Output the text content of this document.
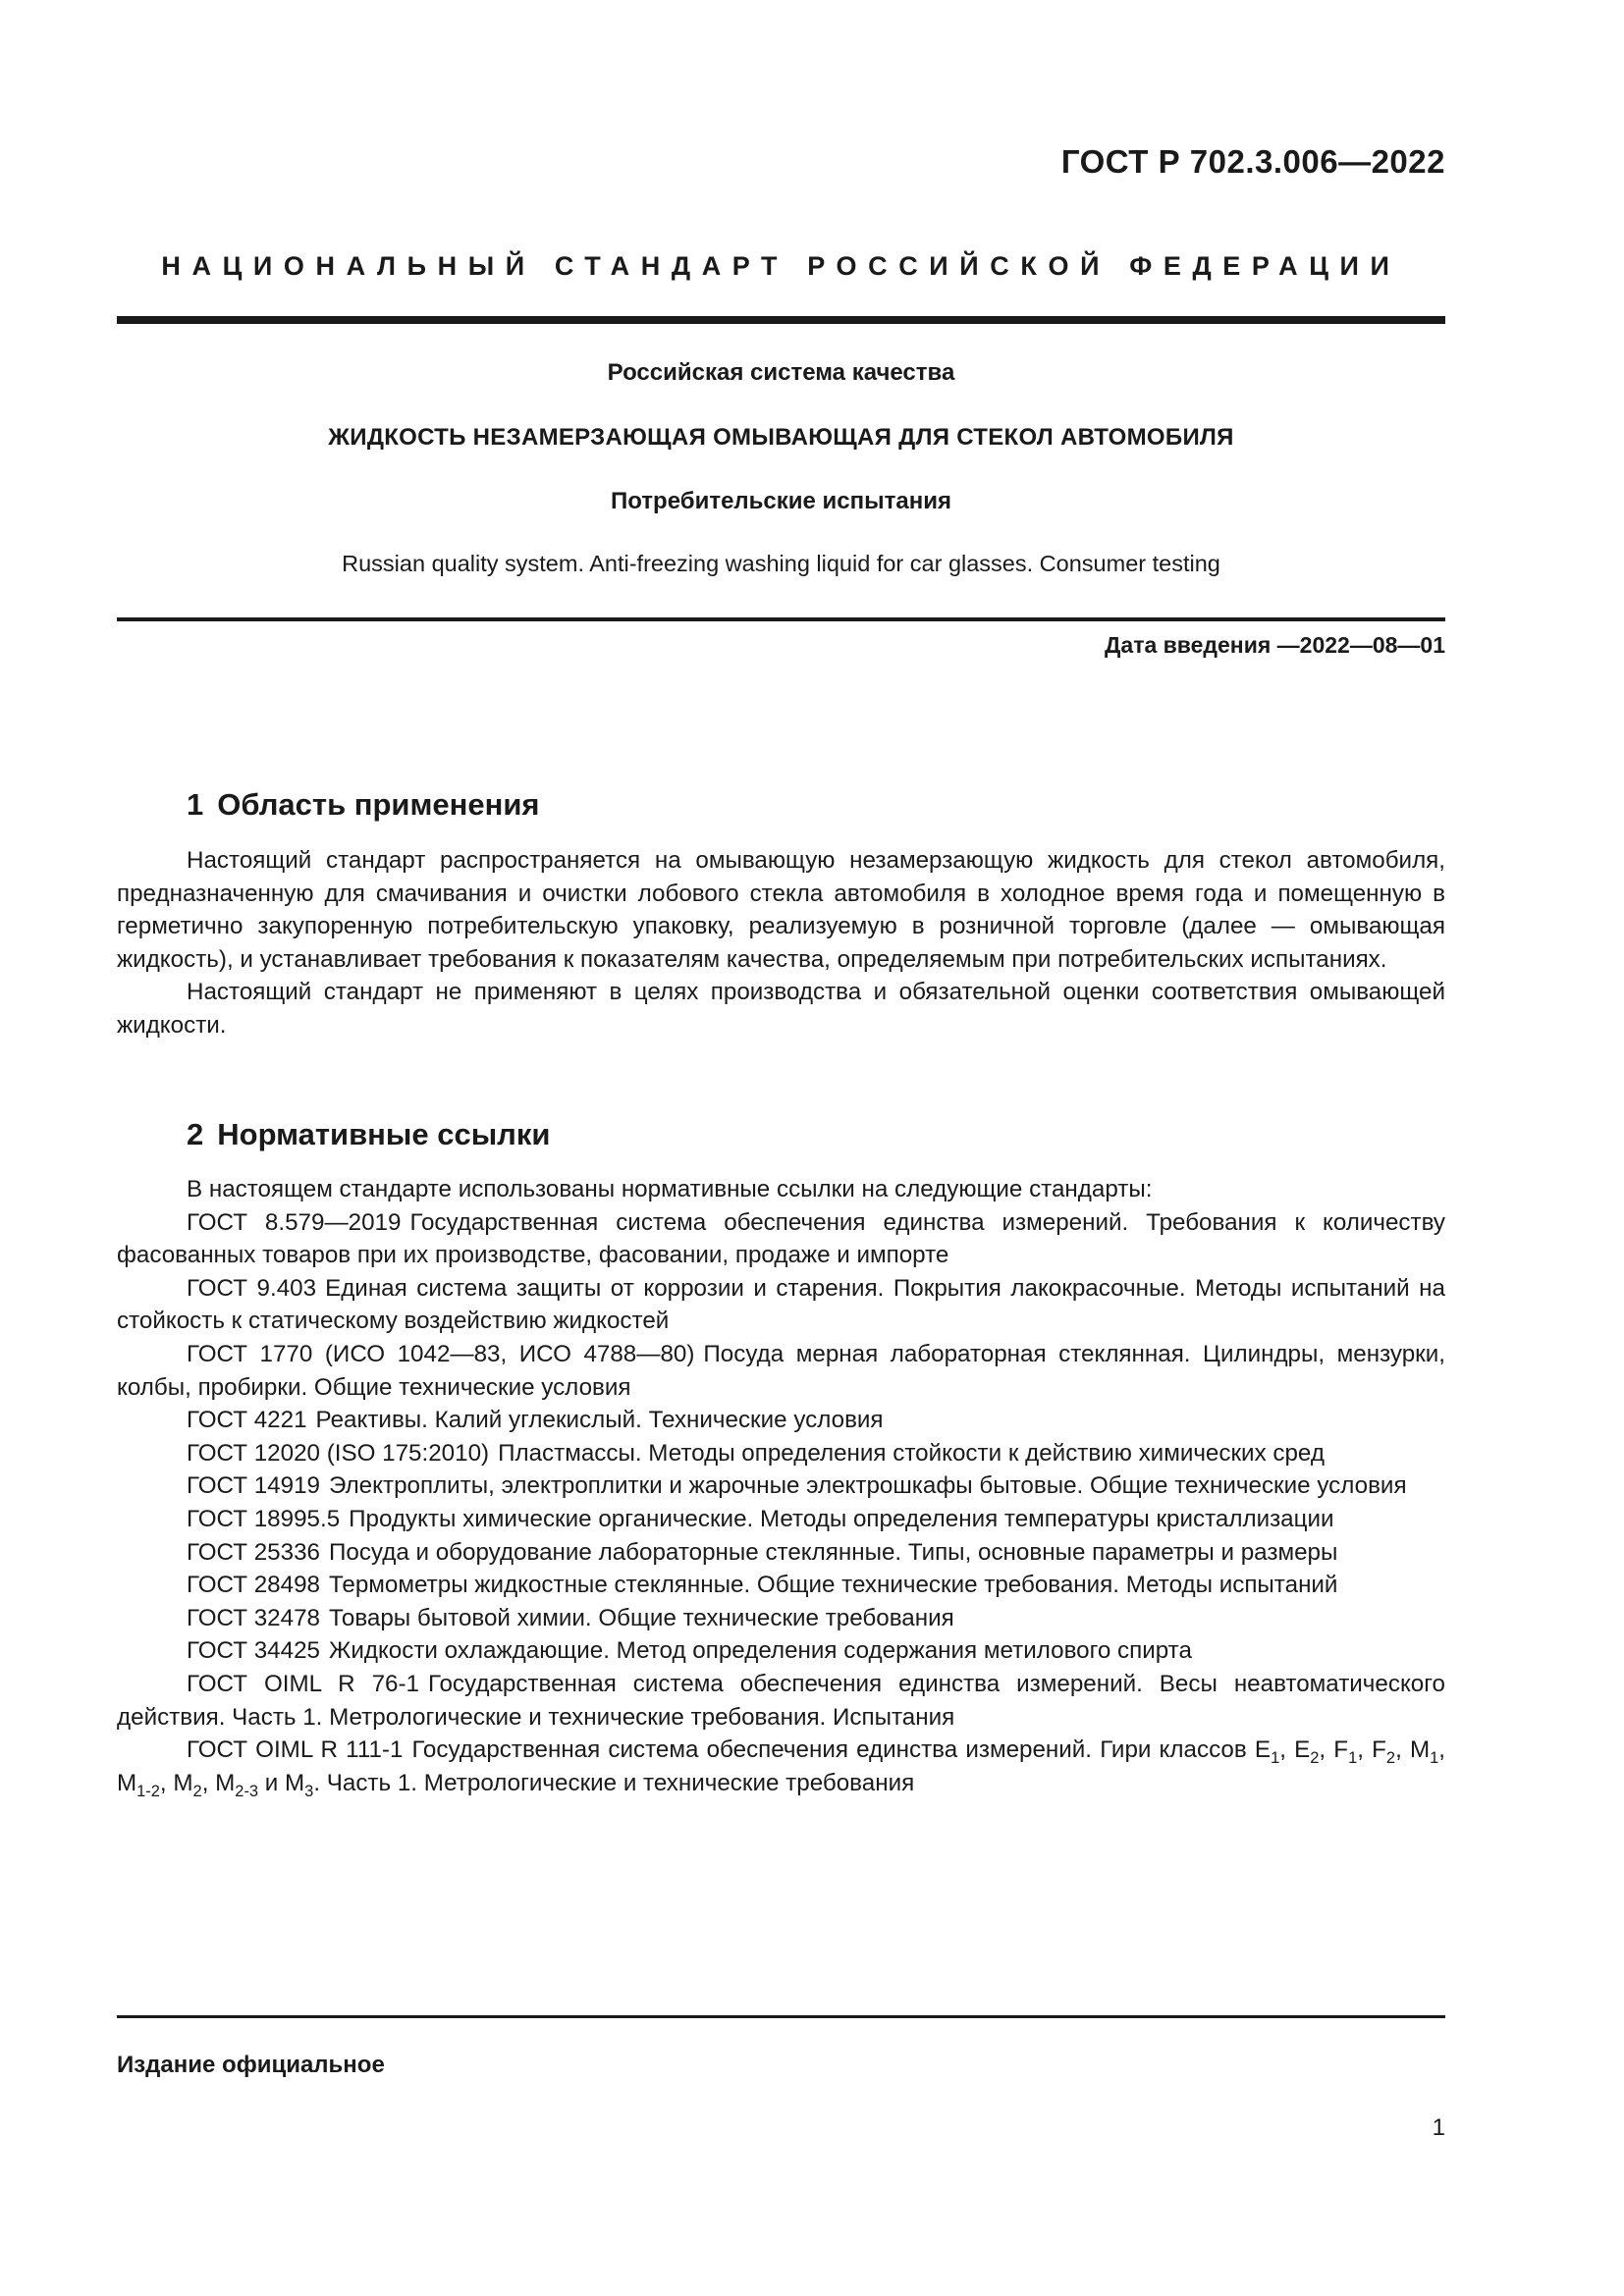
ГОСТ Р 702.3.006—2022
НАЦИОНАЛЬНЫЙ СТАНДАРТ РОССИЙСКОЙ ФЕДЕРАЦИИ
Российская система качества
ЖИДКОСТЬ НЕЗАМЕРЗАЮЩАЯ ОМЫВАЮЩАЯ ДЛЯ СТЕКОЛ АВТОМОБИЛЯ
Потребительские испытания
Russian quality system. Anti-freezing washing liquid for car glasses. Consumer testing
Дата введения —2022—08—01
1 Область применения

Настоящий стандарт распространяется на омывающую незамерзающую жидкость для стекол автомобиля, предназначенную для смачивания и очистки лобового стекла автомобиля в холодное время года и помещенную в герметично закупоренную потребительскую упаковку, реализуемую в розничной торговле (далее — омывающая жидкость), и устанавливает требования к показателям качества, определяемым при потребительских испытаниях.

Настоящий стандарт не применяют в целях производства и обязательной оценки соответствия омывающей жидкости.

2 Нормативные ссылки

В настоящем стандарте использованы нормативные ссылки на следующие стандарты:

ГОСТ 8.579—2019 Государственная система обеспечения единства измерений. Требования к количеству фасованных товаров при их производстве, фасовании, продаже и импорте

ГОСТ 9.403 Единая система защиты от коррозии и старения. Покрытия лакокрасочные. Методы испытаний на стойкость к статическому воздействию жидкостей

ГОСТ 1770 (ИСО 1042—83, ИСО 4788—80) Посуда мерная лабораторная стеклянная. Цилиндры, мензурки, колбы, пробирки. Общие технические условия

ГОСТ 4221 Реактивы. Калий углекислый. Технические условия

ГОСТ 12020 (ISO 175:2010) Пластмассы. Методы определения стойкости к действию химических сред

ГОСТ 14919 Электроплиты, электроплитки и жарочные электрошкафы бытовые. Общие технические условия

ГОСТ 18995.5 Продукты химические органические. Методы определения температуры кристаллизации

ГОСТ 25336 Посуда и оборудование лабораторные стеклянные. Типы, основные параметры и размеры

ГОСТ 28498 Термометры жидкостные стеклянные. Общие технические требования. Методы испытаний

ГОСТ 32478 Товары бытовой химии. Общие технические требования

ГОСТ 34425 Жидкости охлаждающие. Метод определения содержания метилового спирта

ГОСТ OIML R 76-1 Государственная система обеспечения единства измерений. Весы неавтоматического действия. Часть 1. Метрологические и технические требования. Испытания

ГОСТ OIML R 111-1 Государственная система обеспечения единства измерений. Гири классов $E_1$, $E_2$, $F_1$, $F_2$, $M_1$, $M_{1-2}$, $M_2$, $M_{2-3}$ и $M_3$. Часть 1. Метрологические и технические требования

Издание официальное
1
